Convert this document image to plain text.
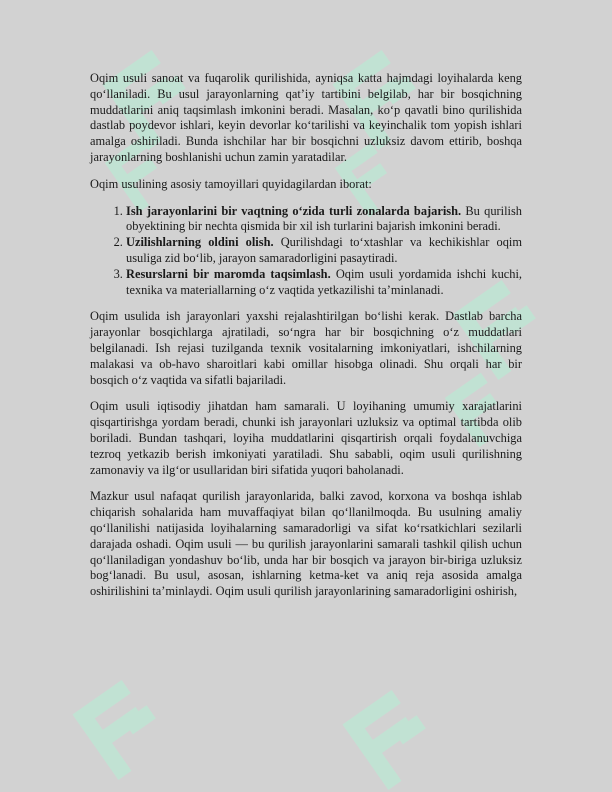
Oqim usuli sanoat va fuqarolik qurilishida, ayniqsa katta hajmdagi loyihalarda keng qoʻllaniladi. Bu usul jarayonlarning qatʼiy tartibini belgilab, har bir bosqichning muddatlarini aniq taqsimlash imkonini beradi. Masalan, koʻp qavatli bino qurilishida dastlab poydevor ishlari, keyin devorlar koʻtarilishi va keyinchalik tom yopish ishlari amalga oshiriladi. Bunda ishchilar har bir bosqichni uzluksiz davom ettirib, boshqa jarayonlarning boshlanishi uchun zamin yaratadilar.

Oqim usulining asosiy tamoyillari quyidagilardan iborat:

1. Ish jarayonlarini bir vaqtning oʻzida turli zonalarda bajarish. Bu qurilish obyektining bir nechta qismida bir xil ish turlarini bajarish imkonini beradi.
2. Uzilishlarning oldini olish. Qurilishdagi toʻxtashlar va kechikishlar oqim usuliga zid boʻlib, jarayon samaradorligini pasaytiradi.
3. Resurslarni bir maromda taqsimlash. Oqim usuli yordamida ishchi kuchi, texnika va materiallarning oʻz vaqtida yetkazilishi taʼminlanadi.

Oqim usulida ish jarayonlari yaxshi rejalashtirilgan boʻlishi kerak. Dastlab barcha jarayonlar bosqichlarga ajratiladi, soʻngra har bir bosqichning oʻz muddatlari belgilanadi. Ish rejasi tuzilganda texnik vositalarning imkoniyatlari, ishchilarning malakasi va ob-havo sharoitlari kabi omillar hisobga olinadi. Shu orqali har bir bosqich oʻz vaqtida va sifatli bajariladi.

Oqim usuli iqtisodiy jihatdan ham samarali. U loyihaning umumiy xarajatlarini qisqartirishga yordam beradi, chunki ish jarayonlari uzluksiz va optimal tartibda olib boriladi. Bundan tashqari, loyiha muddatlarini qisqartirish orqali foydalanuvchiga tezroq yetkazib berish imkoniyati yaratiladi. Shu sababli, oqim usuli qurilishning zamonaviy va ilgʻor usullaridan biri sifatida yuqori baholanadi.

Mazkur usul nafaqat qurilish jarayonlarida, balki zavod, korxona va boshqa ishlab chiqarish sohalarida ham muvaffaqiyat bilan qoʻllanilmoqda. Bu usulning amaliy qoʻllanilishi natijasida loyihalarning samaradorligi va sifat koʻrsatkichlari sezilarli darajada oshadi. Oqim usuli — bu qurilish jarayonlarini samarali tashkil qilish uchun qoʻllaniladigan yondashuv boʻlib, unda har bir bosqich va jarayon bir-biriga uzluksiz bogʻlanadi. Bu usul, asosan, ishlarning ketma-ket va aniq reja asosida amalga oshirilishini taʼminlaydi. Oqim usuli qurilish jarayonlarining samaradorligini oshirish,
